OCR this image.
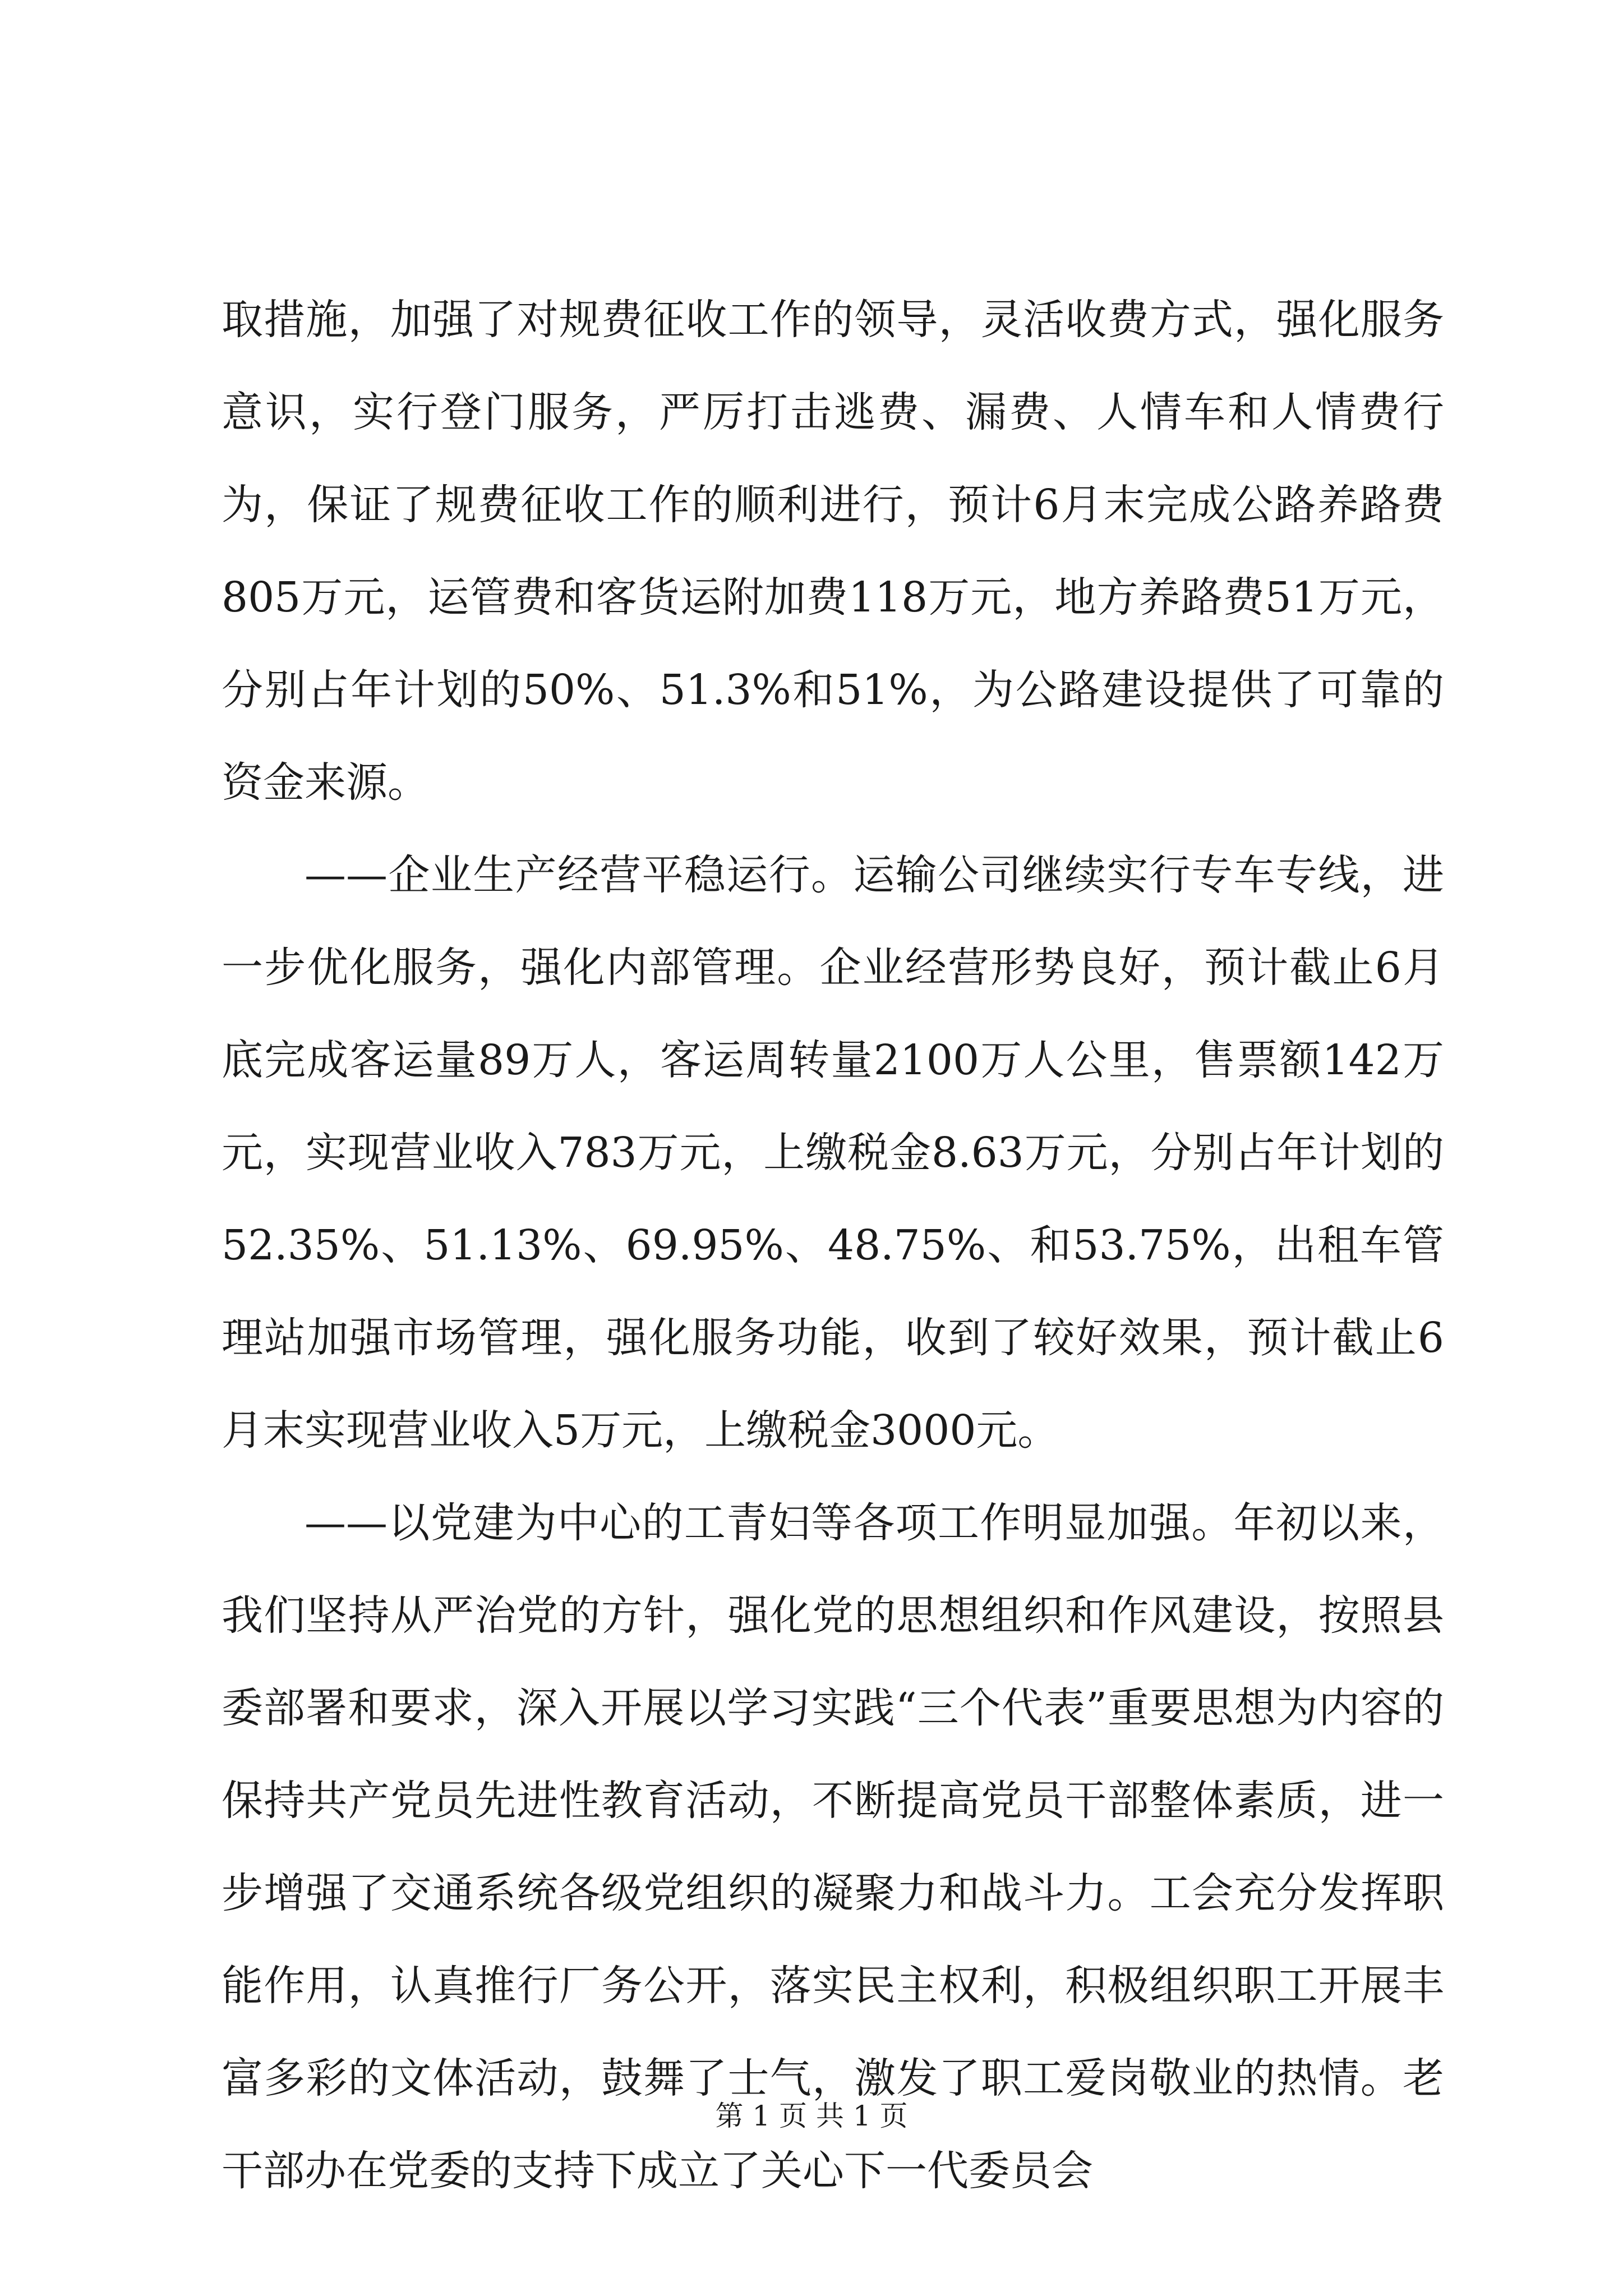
取措施，加强了对规费征收工作的领导，灵活收费方式，强化服务意识，实行登门服务，严厉打击逃费、漏费、人情车和人情费行为，保证了规费征收工作的顺利进行，预计6月末完成公路养路费805万元，运管费和客货运附加费118万元，地方养路费51万元，分别占年计划的50%、51.3%和51%，为公路建设提供了可靠的资金来源。

——企业生产经营平稳运行。运输公司继续实行专车专线，进一步优化服务，强化内部管理。企业经营形势良好，预计截止6月底完成客运量89万人，客运周转量2100万人公里，售票额142万元，实现营业收入783万元，上缴税金8.63万元，分别占年计划的52.35%、51.13%、69.95%、48.75%、和53.75%，出租车管理站加强市场管理，强化服务功能，收到了较好效果，预计截止6月末实现营业收入5万元，上缴税金3000元。

——以党建为中心的工青妇等各项工作明显加强。年初以来，我们坚持从严治党的方针，强化党的思想组织和作风建设，按照县委部署和要求，深入开展以学习实践“三个代表”重要思想为内容的保持共产党员先进性教育活动，不断提高党员干部整体素质，进一步增强了交通系统各级党组织的凝聚力和战斗力。工会充分发挥职能作用，认真推行厂务公开，落实民主权利，积极组织职工开展丰富多彩的文体活动，鼓舞了士气，激发了职工爱岗敬业的热情。老干部办在党委的支持下成立了关心下一代委员会

第 1 页 共 1 页
